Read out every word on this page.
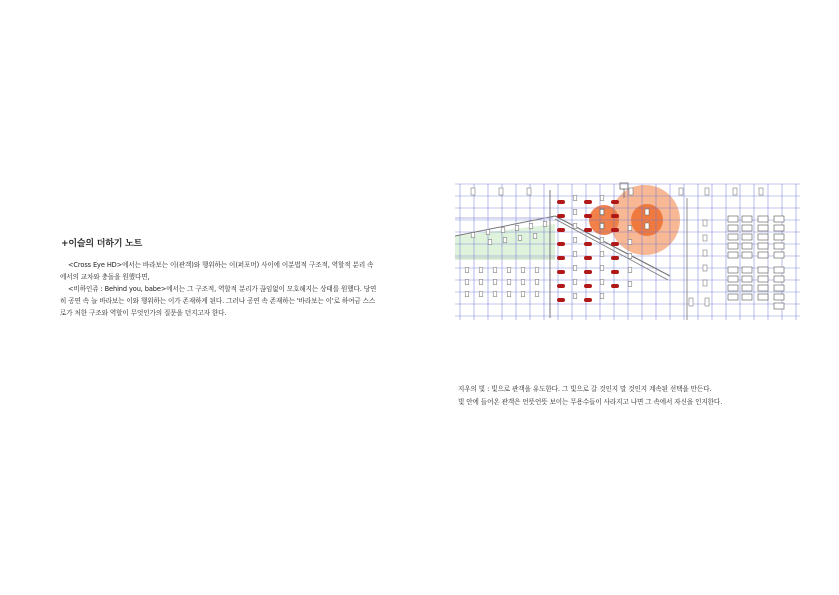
+이슬의 더하기 노트

<Cross Eye HD>에서는 바라보는 이(관객)와 행위하는 이(퍼포머) 사이에 이분법적 구조적, 역할적 분리 속에서의 교차와 충돌을 원했다면,

<비하인쥬 : Behind you, babe>에서는 그 구조적, 역할적 분리가 끊임없이 모호해지는 상태를 원했다. 당연히 공연 속 늘 바라보는 이와 행위하는 이가 존재하게 된다. 그러나 공연 속 존재하는 '바라보는 이'로 하여금 스스로가 처한 구조와 역할이 무엇인가의 질문을 던지고자 한다.

지우의 빛 : 빛으로 관객을 유도한다. 그 빛으로 갈 것인지 말 것인지 계속된 선택을 만든다.

빛 안에 들어온 관객은 언뜻언뜻 보이는 무용수들이 사라지고 나면 그 속에서 자신을 인지한다.
